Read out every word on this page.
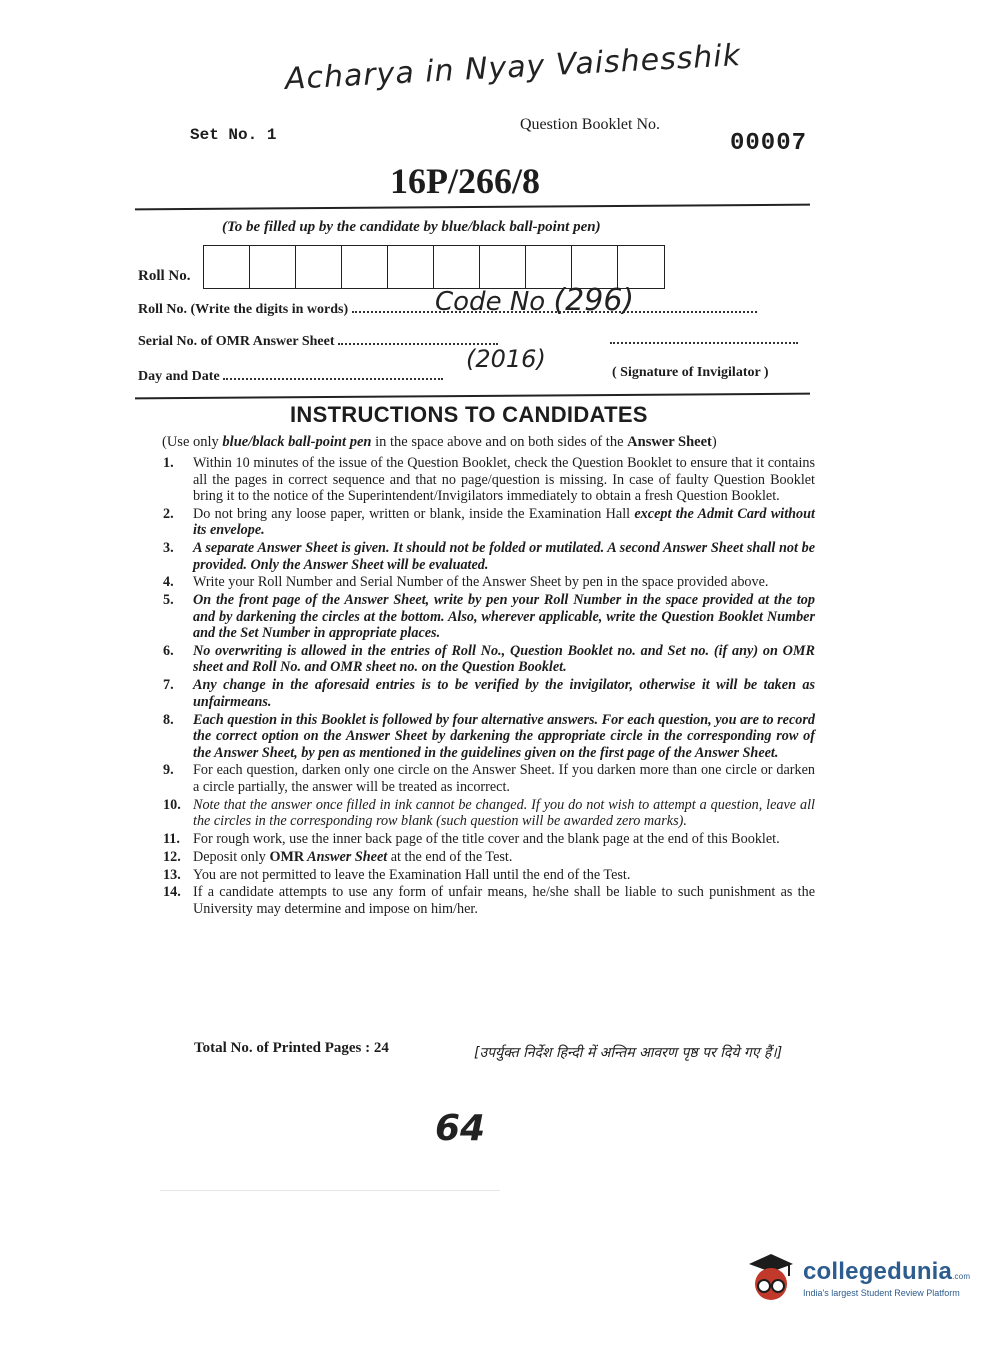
Acharya in Nyay Vaishesshik
Set No. 1
Question Booklet No.
00007
16P/266/8
(To be filled up by the candidate by blue/black ball-point pen)
Roll No.
Roll No. (Write the digits in words)
Serial No. of OMR Answer Sheet
Day and Date	( Signature of Invigilator )
Code No (296)
(2016)
INSTRUCTIONS TO CANDIDATES
(Use only blue/black ball-point pen in the space above and on both sides of the Answer Sheet)
1.	Within 10 minutes of the issue of the Question Booklet, check the Question Booklet to ensure that it contains all the pages in correct sequence and that no page/question is missing. In case of faulty Question Booklet bring it to the notice of the Superintendent/Invigilators immediately to obtain a fresh Question Booklet.
2.	Do not bring any loose paper, written or blank, inside the Examination Hall except the Admit Card without its envelope.
3.	A separate Answer Sheet is given. It should not be folded or mutilated. A second Answer Sheet shall not be provided. Only the Answer Sheet will be evaluated.
4.	Write your Roll Number and Serial Number of the Answer Sheet by pen in the space provided above.
5.	On the front page of the Answer Sheet, write by pen your Roll Number in the space provided at the top and by darkening the circles at the bottom. Also, wherever applicable, write the Question Booklet Number and the Set Number in appropriate places.
6.	No overwriting is allowed in the entries of Roll No., Question Booklet no. and Set no. (if any) on OMR sheet and Roll No. and OMR sheet no. on the Question Booklet.
7.	Any change in the aforesaid entries is to be verified by the invigilator, otherwise it will be taken as unfairmeans.
8.	Each question in this Booklet is followed by four alternative answers. For each question, you are to record the correct option on the Answer Sheet by darkening the appropriate circle in the corresponding row of the Answer Sheet, by pen as mentioned in the guidelines given on the first page of the Answer Sheet.
9.	For each question, darken only one circle on the Answer Sheet. If you darken more than one circle or darken a circle partially, the answer will be treated as incorrect.
10. Note that the answer once filled in ink cannot be changed. If you do not wish to attempt a question, leave all the circles in the corresponding row blank (such question will be awarded zero marks).
11. For rough work, use the inner back page of the title cover and the blank page at the end of this Booklet.
12. Deposit only OMR Answer Sheet at the end of the Test.
13. You are not permitted to leave the Examination Hall until the end of the Test.
14. If a candidate attempts to use any form of unfair means, he/she shall be liable to such punishment as the University may determine and impose on him/her.
Total No. of Printed Pages : 24	[उपर्युक्त निर्देश हिन्दी में अन्तिम आवरण पृष्ठ पर दिये गए हैं।]
64
collegedunia.com
India's largest Student Review Platform
